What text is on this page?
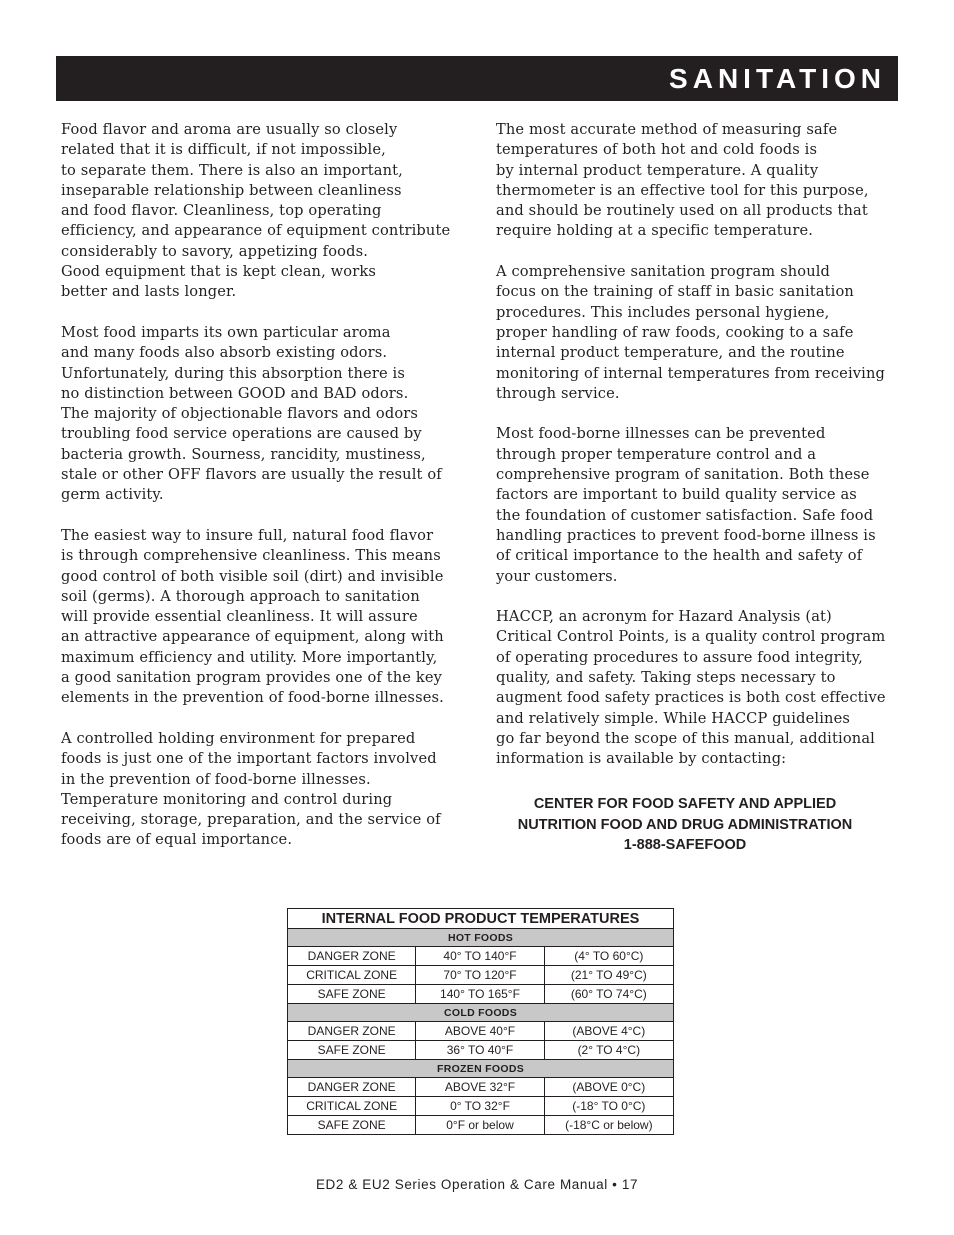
SANITATION

Food flavor and aroma are usually so closely
related that it is difficult, if not impossible,
to separate them. There is also an important,
inseparable relationship between cleanliness
and food flavor. Cleanliness, top operating
efficiency, and appearance of equipment contribute
considerably to savory, appetizing foods.
Good equipment that is kept clean, works
better and lasts longer.

Most food imparts its own particular aroma
and many foods also absorb existing odors.
Unfortunately, during this absorption there is
no distinction between GOOD and BAD odors.
The majority of objectionable flavors and odors
troubling food service operations are caused by
bacteria growth. Sourness, rancidity, mustiness,
stale or other OFF flavors are usually the result of
germ activity.

The easiest way to insure full, natural food flavor
is through comprehensive cleanliness. This means
good control of both visible soil (dirt) and invisible
soil (germs). A thorough approach to sanitation
will provide essential cleanliness. It will assure
an attractive appearance of equipment, along with
maximum efficiency and utility. More importantly,
a good sanitation program provides one of the key
elements in the prevention of food-borne illnesses.

A controlled holding environment for prepared
foods is just one of the important factors involved
in the prevention of food-borne illnesses.
Temperature monitoring and control during
receiving, storage, preparation, and the service of
foods are of equal importance.

The most accurate method of measuring safe
temperatures of both hot and cold foods is
by internal product temperature. A quality
thermometer is an effective tool for this purpose,
and should be routinely used on all products that
require holding at a specific temperature.

A comprehensive sanitation program should
focus on the training of staff in basic sanitation
procedures. This includes personal hygiene,
proper handling of raw foods, cooking to a safe
internal product temperature, and the routine
monitoring of internal temperatures from receiving
through service.

Most food-borne illnesses can be prevented
through proper temperature control and a
comprehensive program of sanitation. Both these
factors are important to build quality service as
the foundation of customer satisfaction. Safe food
handling practices to prevent food-borne illness is
of critical importance to the health and safety of
your customers.

HACCP, an acronym for Hazard Analysis (at)
Critical Control Points, is a quality control program
of operating procedures to assure food integrity,
quality, and safety. Taking steps necessary to
augment food safety practices is both cost effective
and relatively simple. While HACCP guidelines
go far beyond the scope of this manual, additional
information is available by contacting:

CENTER FOR FOOD SAFETY AND APPLIED
NUTRITION FOOD AND DRUG ADMINISTRATION
1-888-SAFEFOOD
INTERNAL FOOD PRODUCT TEMPERATURES		
HOT FOODS		
DANGER ZONE	40° TO 140°F	(4° TO 60°C)
CRITICAL ZONE	70° TO 120°F	(21° TO 49°C)
SAFE ZONE	140° TO 165°F	(60° TO 74°C)
COLD FOODS		
DANGER ZONE	ABOVE 40°F	(ABOVE 4°C)
SAFE ZONE	36° TO 40°F	(2° TO 4°C)
FROZEN FOODS		
DANGER ZONE	ABOVE 32°F	(ABOVE 0°C)
CRITICAL ZONE	0° TO 32°F	(-18° TO 0°C)
SAFE ZONE	0°F or below	(-18°C or below)
ED2 & EU2 Series Operation & Care Manual • 17
